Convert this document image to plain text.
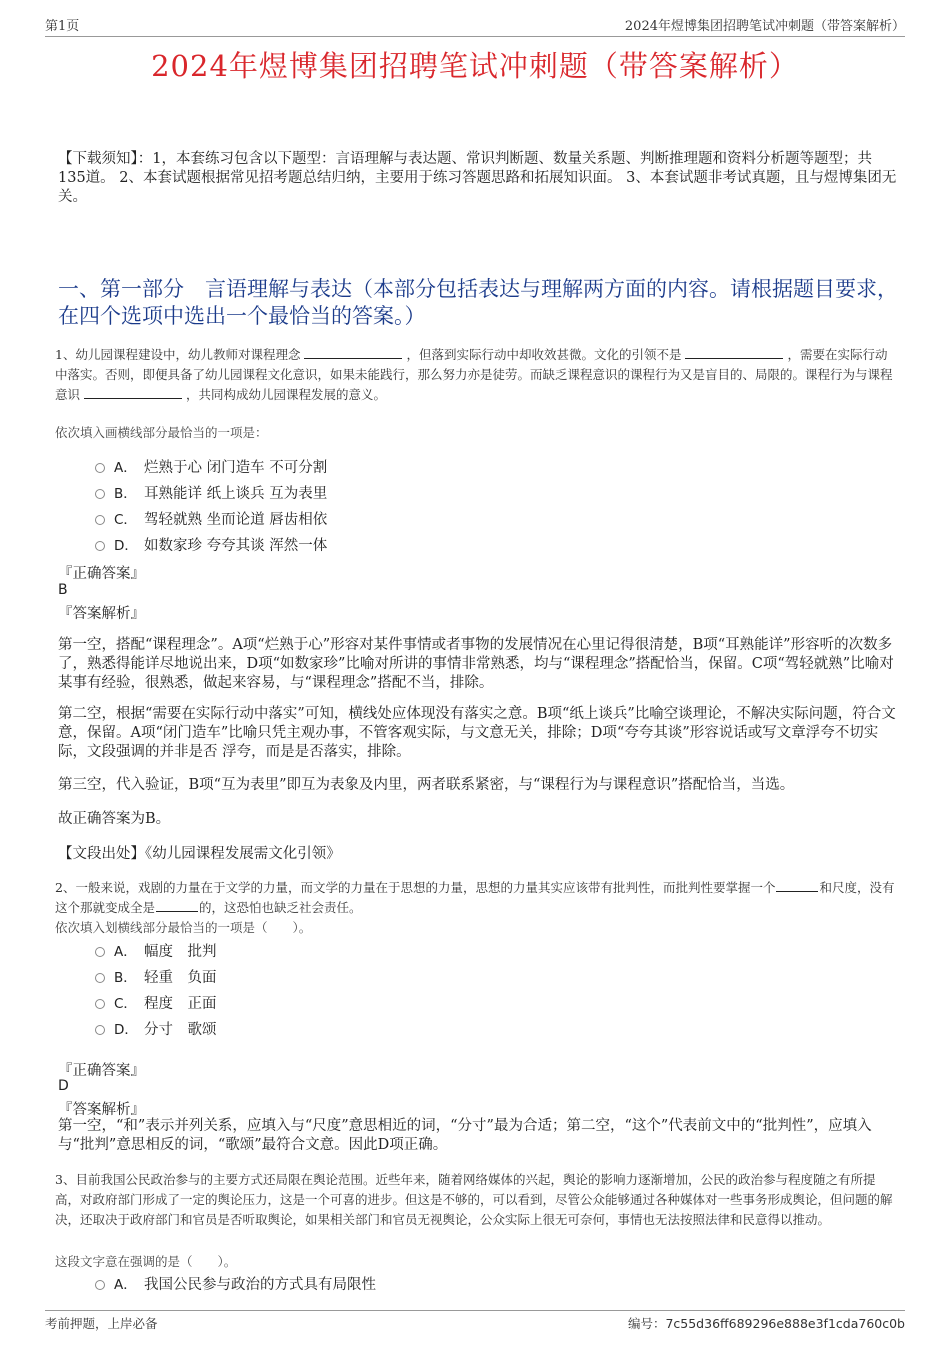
第1页	2024年煜博集团招聘笔试冲刺题（带答案解析）
2024年煜博集团招聘笔试冲刺题（带答案解析）
【下载须知】：1，本套练习包含以下题型：言语理解与表达题、常识判断题、数量关系题、判断推理题和资料分析题等题型；共135道。 2、本套试题根据常见招考题总结归纳，主要用于练习答题思路和拓展知识面。 3、本套试题非考试真题，且与煜博集团无关。
一、第一部分　言语理解与表达（本部分包括表达与理解两方面的内容。请根据题目要求，在四个选项中选出一个最恰当的答案。）
1、幼儿园课程建设中，幼儿教师对课程理念	，但落到实际行动中却收效甚微。文化的引领不是	，需要在实际行动中落实。否则，即便具备了幼儿园课程文化意识，如果未能践行，那么努力亦是徒劳。而缺乏课程意识的课程行为又是盲目的、局限的。课程行为与课程意识	，共同构成幼儿园课程发展的意义。
依次填入画横线部分最恰当的一项是：
A． 烂熟于心 闭门造车 不可分割
B． 耳熟能详 纸上谈兵 互为表里
C． 驾轻就熟 坐而论道 唇齿相依
D． 如数家珍 夸夸其谈 浑然一体
『正确答案』
B
『答案解析』
第一空，搭配“课程理念”。A项“烂熟于心”形容对某件事情或者事物的发展情况在心里记得很清楚，B项“耳熟能详”形容听的次数多了，熟悉得能详尽地说出来，D项“如数家珍”比喻对所讲的事情非常熟悉，均与“课程理念”搭配恰当，保留。C项“驾轻就熟”比喻对某事有经验，很熟悉，做起来容易，与“课程理念”搭配不当，排除。
第二空，根据“需要在实际行动中落实”可知，横线处应体现没有落实之意。B项“纸上谈兵”比喻空谈理论，不解决实际问题，符合文意，保留。A项“闭门造车”比喻只凭主观办事，不管客观实际，与文意无关，排除；D项“夸夸其谈”形容说话或写文章浮夸不切实际，文段强调的并非是否 浮夸，而是是否落实，排除。
第三空，代入验证，B项“互为表里”即互为表象及内里，两者联系紧密，与“课程行为与课程意识”搭配恰当，当选。
故正确答案为B。
【文段出处】《幼儿园课程发展需文化引领》
2、一般来说，戏剧的力量在于文学的力量，而文学的力量在于思想的力量，思想的力量其实应该带有批判性，而批判性要掌握一个	和尺度，没有这个那就变成全是	的，这恐怕也缺乏社会责任。
依次填入划横线部分最恰当的一项是（　　）。
A． 幅度　批判
B． 轻重　负面
C． 程度　正面
D． 分寸　歌颂
『正确答案』
D
『答案解析』
第一空，“和”表示并列关系，应填入与“尺度”意思相近的词，“分寸”最为合适；第二空，“这个”代表前文中的“批判性”，应填入与“批判”意思相反的词，“歌颂”最符合文意。因此D项正确。
3、目前我国公民政治参与的主要方式还局限在舆论范围。近些年来，随着网络媒体的兴起，舆论的影响力逐渐增加，公民的政治参与程度随之有所提高，对政府部门形成了一定的舆论压力，这是一个可喜的进步。但这是不够的，可以看到，尽管公众能够通过各种媒体对一些事务形成舆论，但问题的解决，还取决于政府部门和官员是否听取舆论，如果相关部门和官员无视舆论，公众实际上很无可奈何，事情也无法按照法律和民意得以推动。
这段文字意在强调的是（　　）。
A． 我国公民参与政治的方式具有局限性
考前押题，上岸必备	编号：7c55d36ff689296e888e3f1cda760c0b
